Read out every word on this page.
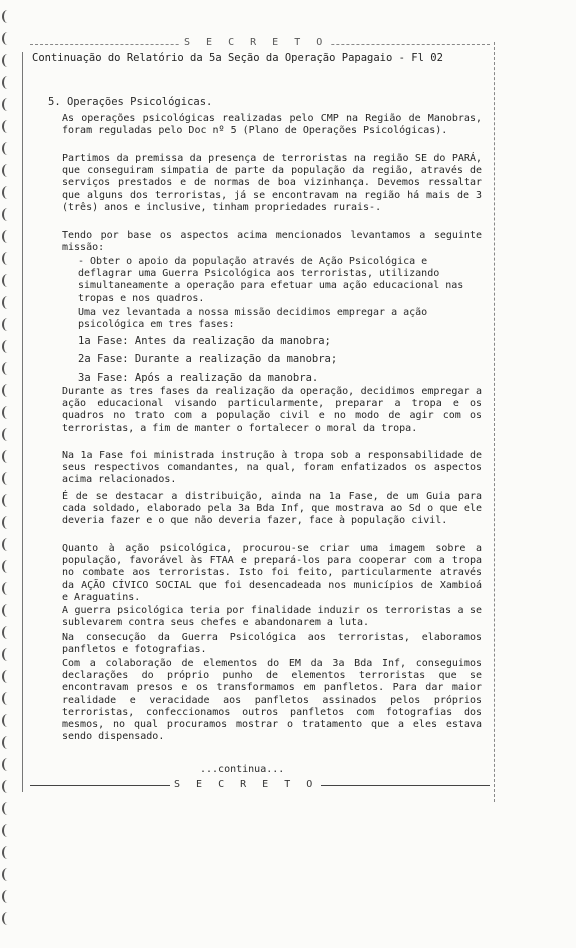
S E C R E T O
Continuação do Relatório da 5a Seção da Operação Papagaio - Fl 02
5. Operações Psicológicas.
As operações psicológicas realizadas pelo CMP na Região de Manobras, foram reguladas pelo Doc nº 5 (Plano de Operações Psicológicas).
Partimos da premissa da presença de terroristas na região SE do PARÁ, que conseguiram simpatia de parte da população da região, através de serviços prestados e de normas de boa vizinhança. Devemos ressaltar que alguns dos terroristas, já se encontravam na região há mais de 3 (três) anos e inclusive, tinham propriedades rurais-.
Tendo por base os aspectos acima mencionados levantamos a seguinte missão:
- Obter o apoio da população através de Ação Psicológica e deflagrar uma Guerra Psicológica aos terroristas, utilizando simultaneamente a operação para efetuar uma ação educacional nas tropas e nos quadros.
Uma vez levantada a nossa missão decidimos empregar a ação psicológica em tres fases:
1a Fase: Antes da realização da manobra;
2a Fase: Durante a realização da manobra;
3a Fase: Após a realização da manobra.
Durante as tres fases da realização da operação, decidimos empregar a ação educacional visando particularmente, preparar a tropa e os quadros no trato com a população civil e no modo de agir com os terroristas, a fim de manter o fortalecer o moral da tropa.
Na 1a Fase foi ministrada instrução à tropa sob a responsabilidade de seus respectivos comandantes, na qual, foram enfatizados os aspectos acima relacionados.
É de se destacar a distribuição, ainda na 1a Fase, de um Guia para cada soldado, elaborado pela 3a Bda Inf, que mostrava ao Sd o que ele deveria fazer e o que não deveria fazer, face à população civil.
Quanto à ação psicológica, procurou-se criar uma imagem sobre a população, favorável às FTAA e prepará-los para cooperar com a tropa no combate aos terroristas. Isto foi feito, particularmente através da AÇÃO CÍVICO SOCIAL que foi desencadeada nos municípios de Xambioá e Araguatins.
A guerra psicológica teria por finalidade induzir os terroristas a se sublevarem contra seus chefes e abandonarem a luta.
Na consecução da Guerra Psicológica aos terroristas, elaboramos panfletos e fotografias.
Com a colaboração de elementos do EM da 3a Bda Inf, conseguimos declarações do próprio punho de elementos terroristas que se encontravam presos e os transformamos em panfletos. Para dar maior realidade e veracidade aos panfletos assinados pelos próprios terroristas, confeccionamos outros panfletos com fotografias dos mesmos, no qual procuramos mostrar o tratamento que a eles estava sendo dispensado.
...continua...
S E C R E T O
